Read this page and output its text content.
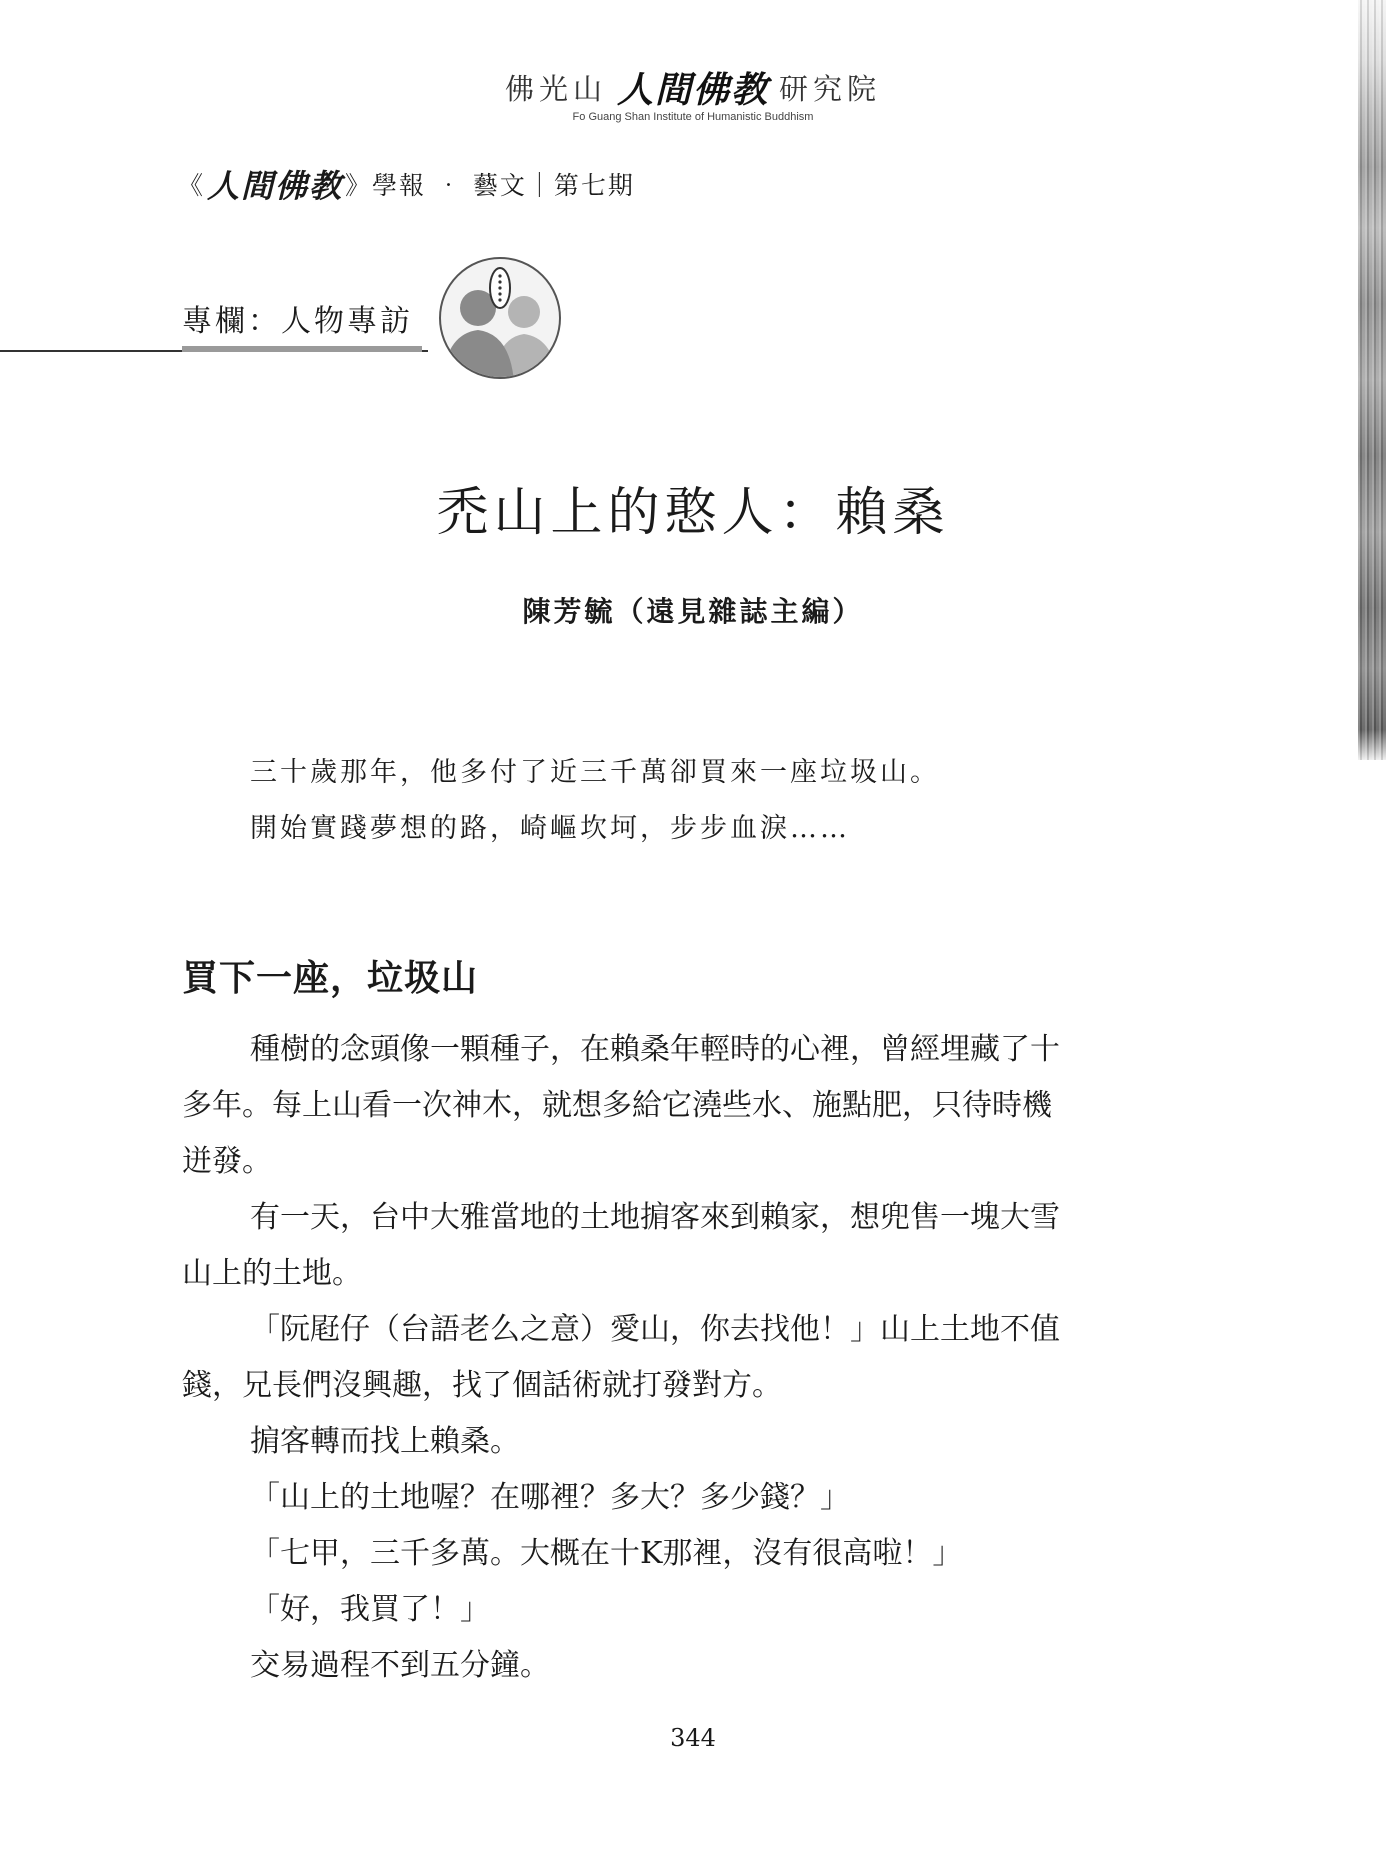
佛光山 人間佛教 研究院
Fo Guang Shan Institute of Humanistic Buddhism
《 人間佛教 》學報 ‧ 藝文｜第七期
專欄：人物專訪
禿山上的憨人：賴桑
陳芳毓（遠見雜誌主編）
三十歲那年，他多付了近三千萬卻買來一座垃圾山。
開始實踐夢想的路，崎嶇坎坷，步步血淚……
買下一座，垃圾山
種樹的念頭像一顆種子，在賴桑年輕時的心裡，曾經埋藏了十
多年。每上山看一次神木，就想多給它澆些水、施點肥，只待時機
迸發。
有一天，台中大雅當地的土地掮客來到賴家，想兜售一塊大雪
山上的土地。
「阮屘仔（台語老么之意）愛山，你去找他！」山上土地不值
錢，兄長們沒興趣，找了個話術就打發對方。
掮客轉而找上賴桑。
「山上的土地喔？在哪裡？多大？多少錢？」
「七甲，三千多萬。大概在十K那裡，沒有很高啦！」
「好，我買了！」
交易過程不到五分鐘。
344
